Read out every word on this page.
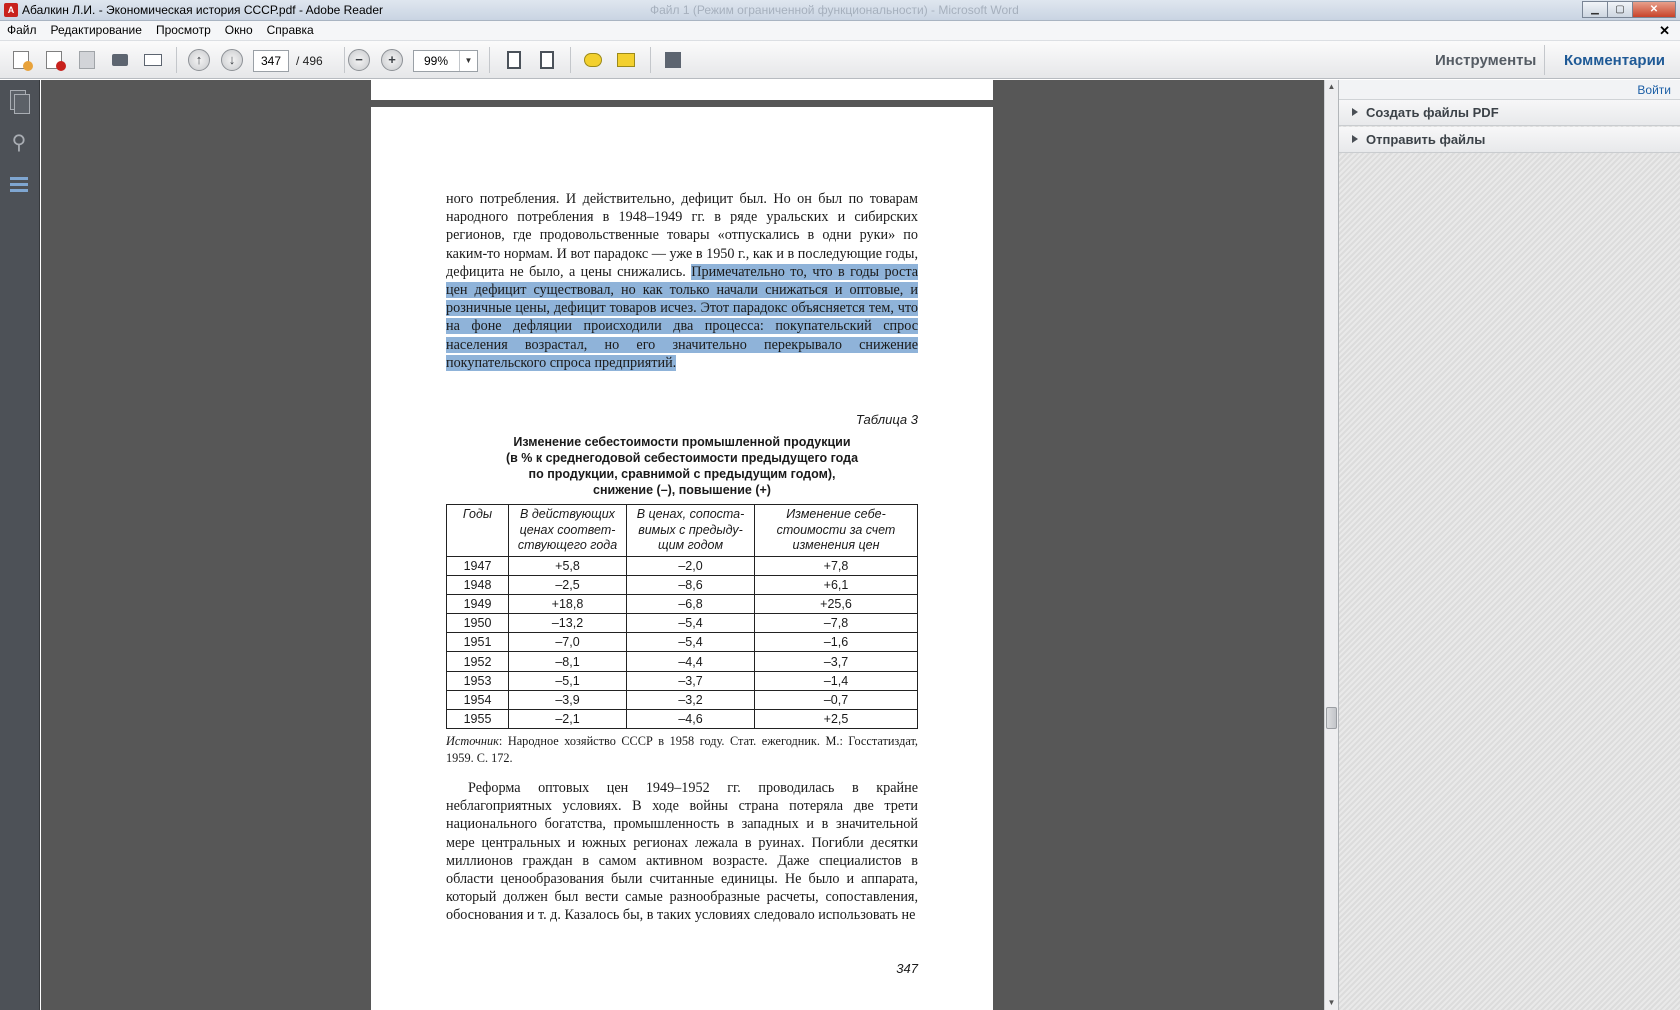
A Абалкин Л.И. - Экономическая история СССР.pdf - Adobe Reader	Файл 1 (Режим ограниченной функциональности) - Microsoft Word	▁	▢	✕
Файл Редактирование Просмотр Окно Справка	✕
↑	↓	347	/ 496	−	+	99%	▼	Инструменты Комментарии
⚲
ного потребления. И действительно, дефицит был. Но он был по товарам народного потребления в 1948–1949 гг. в ряде уральских и сибирских регионов, где продовольственные товары «отпускались в одни руки» по каким-то нормам. И вот парадокс — уже в 1950 г., как и в последующие годы, дефицита не было, а цены снижались. Примечательно то, что в годы роста цен дефицит существовал, но как только начали снижаться и оптовые, и розничные цены, дефицит товаров исчез. Этот парадокс объясняется тем, что на фоне дефляции происходили два процесса: покупательский спрос населения возрастал, но его значительно перекрывало снижение покупательского спроса предприятий.
Таблица 3
Изменение себестоимости промышленной продукции
(в % к среднегодовой себестоимости предыдущего года
по продукции, сравнимой с предыдущим годом),
снижение (–), повышение (+)
Годы	В действующих ценах соответ-ствующего года	В ценах, сопоста-вимых с предыду-щим годом	Изменение себе-стоимости за счет изменения цен
1947	+5,8	–2,0	+7,8
1948	–2,5	–8,6	+6,1
1949	+18,8	–6,8	+25,6
1950	–13,2	–5,4	–7,8
1951	–7,0	–5,4	–1,6
1952	–8,1	–4,4	–3,7
1953	–5,1	–3,7	–1,4
1954	–3,9	–3,2	–0,7
1955	–2,1	–4,6	+2,5
Источник: Народное хозяйство СССР в 1958 году. Стат. ежегодник. М.: Госстатиздат, 1959. С. 172.
Реформа оптовых цен 1949–1952 гг. проводилась в крайне неблагоприятных условиях. В ходе войны страна потеряла две трети национального богатства, промышленность в западных и в значительной мере центральных и южных регионах лежала в руинах. Погибли десятки миллионов граждан в самом активном возрасте. Даже специалистов в области ценообразования были считанные единицы. Не было и аппарата, который должен был вести самые разнообразные расчеты, сопоставления, обоснования и т. д. Казалось бы, в таких условиях следовало использовать не
347
▲
▼
Войти
Создать файлы PDF
Отправить файлы
